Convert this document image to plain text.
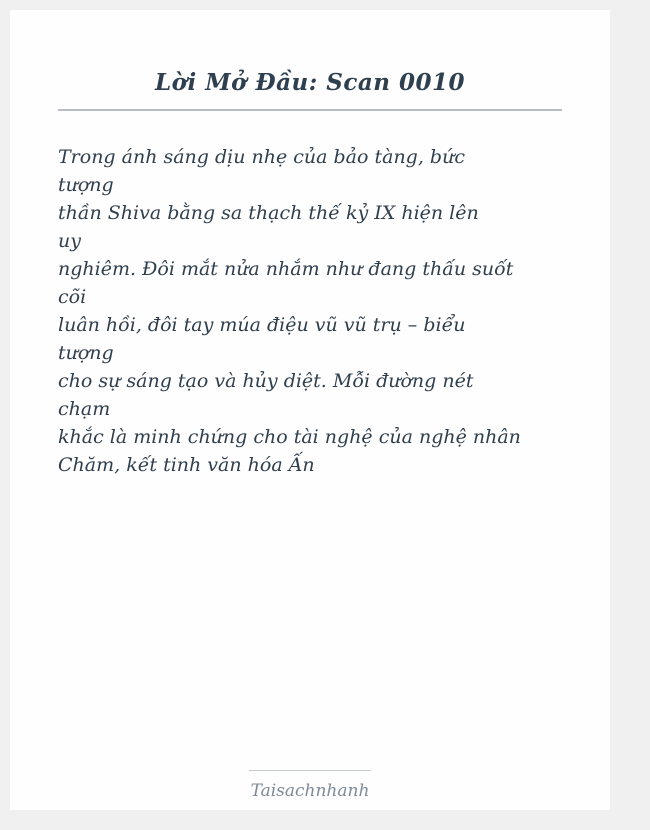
Lời Mở Đầu: Scan 0010
Trong ánh sáng dịu nhẹ của bảo tàng, bức
tượng
thần Shiva bằng sa thạch thế kỷ IX hiện lên
uy
nghiêm. Đôi mắt nửa nhắm như đang thấu suốt
cõi
luân hồi, đôi tay múa điệu vũ vũ trụ – biểu
tượng
cho sự sáng tạo và hủy diệt. Mỗi đường nét
chạm
khắc là minh chứng cho tài nghệ của nghệ nhân
Chăm, kết tinh văn hóa Ấn
Taisachnhanh
